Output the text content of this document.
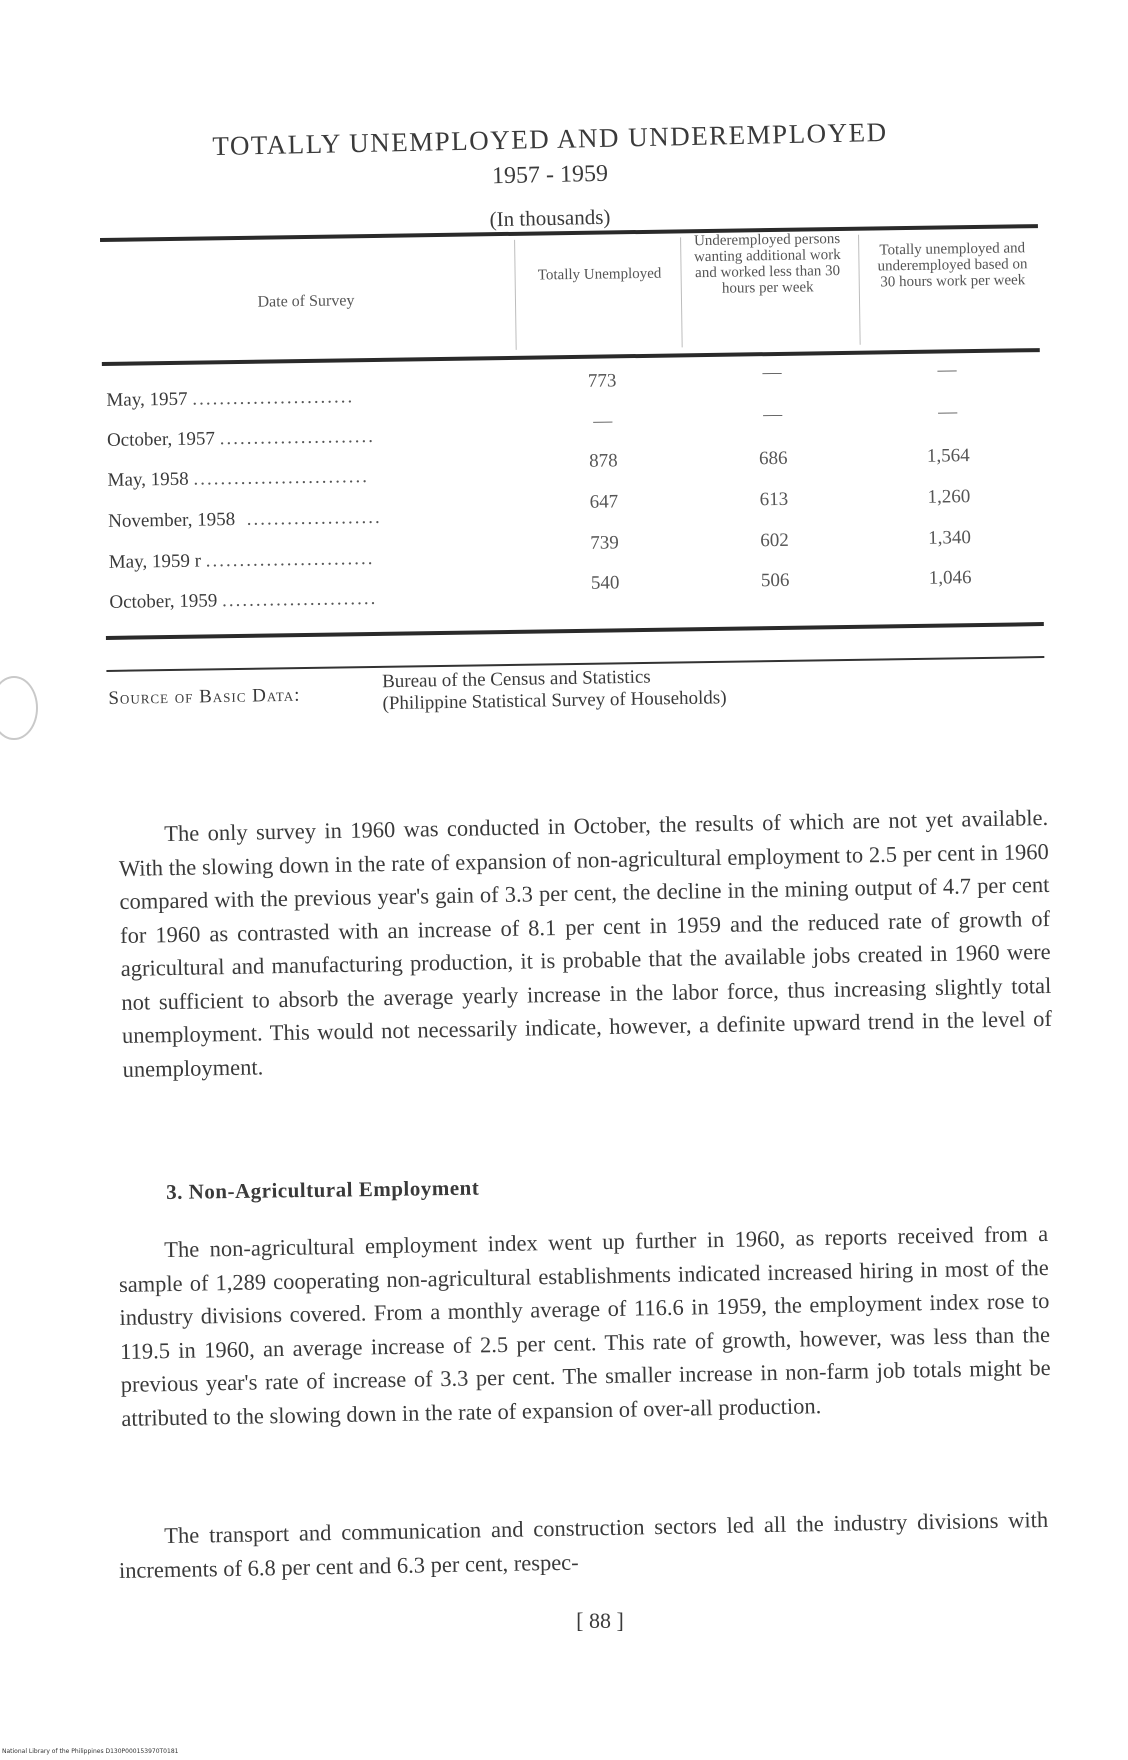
TOTALLY UNEMPLOYED AND UNDEREMPLOYED
1957 - 1959
(In thousands)
Date of Survey
Totally Unemployed
Underemployed persons wanting additional work and worked less than 30 hours per week
Totally unemployed and underemployed based on 30 hours work per week
May, 1957 ........................
773	—	—
October, 1957 .......................
—	—	—
May, 1958 ..........................
878	686	1,564
November, 1958  ....................
647	613	1,260
May, 1959 r .........................
739	602	1,340
October, 1959 .......................
540	506	1,046
Source of Basic Data:
Bureau of the Census and Statistics
(Philippine Statistical Survey of Households)

The only survey in 1960 was conducted in October, the results of which are not yet available. With the slowing down in the rate of expansion of non-agricultural employment to 2.5 per cent in 1960 compared with the previous year's gain of 3.3 per cent, the decline in the mining output of 4.7 per cent for 1960 as contrasted with an increase of 8.1 per cent in 1959 and the reduced rate of growth of agricultural and manufacturing production, it is probable that the available jobs created in 1960 were not sufficient to absorb the average yearly increase in the labor force, thus increasing slightly total unemployment. This would not necessarily indicate, however, a definite upward trend in the level of unemployment.

3. Non-Agricultural Employment

The non-agricultural employment index went up further in 1960, as reports received from a sample of 1,289 cooperating non-agricultural establishments indicated increased hiring in most of the industry divisions covered. From a monthly average of 116.6 in 1959, the employment index rose to 119.5 in 1960, an average increase of 2.5 per cent. This rate of growth, however, was less than the previous year's rate of increase of 3.3 per cent. The smaller increase in non-farm job totals might be attributed to the slowing down in the rate of expansion of over-all production.

The transport and communication and construction sectors led all the industry divisions with increments of 6.8 per cent and 6.3 per cent, respec-

[ 88 ]
National Library of the Philippines D130P000153970T0181
